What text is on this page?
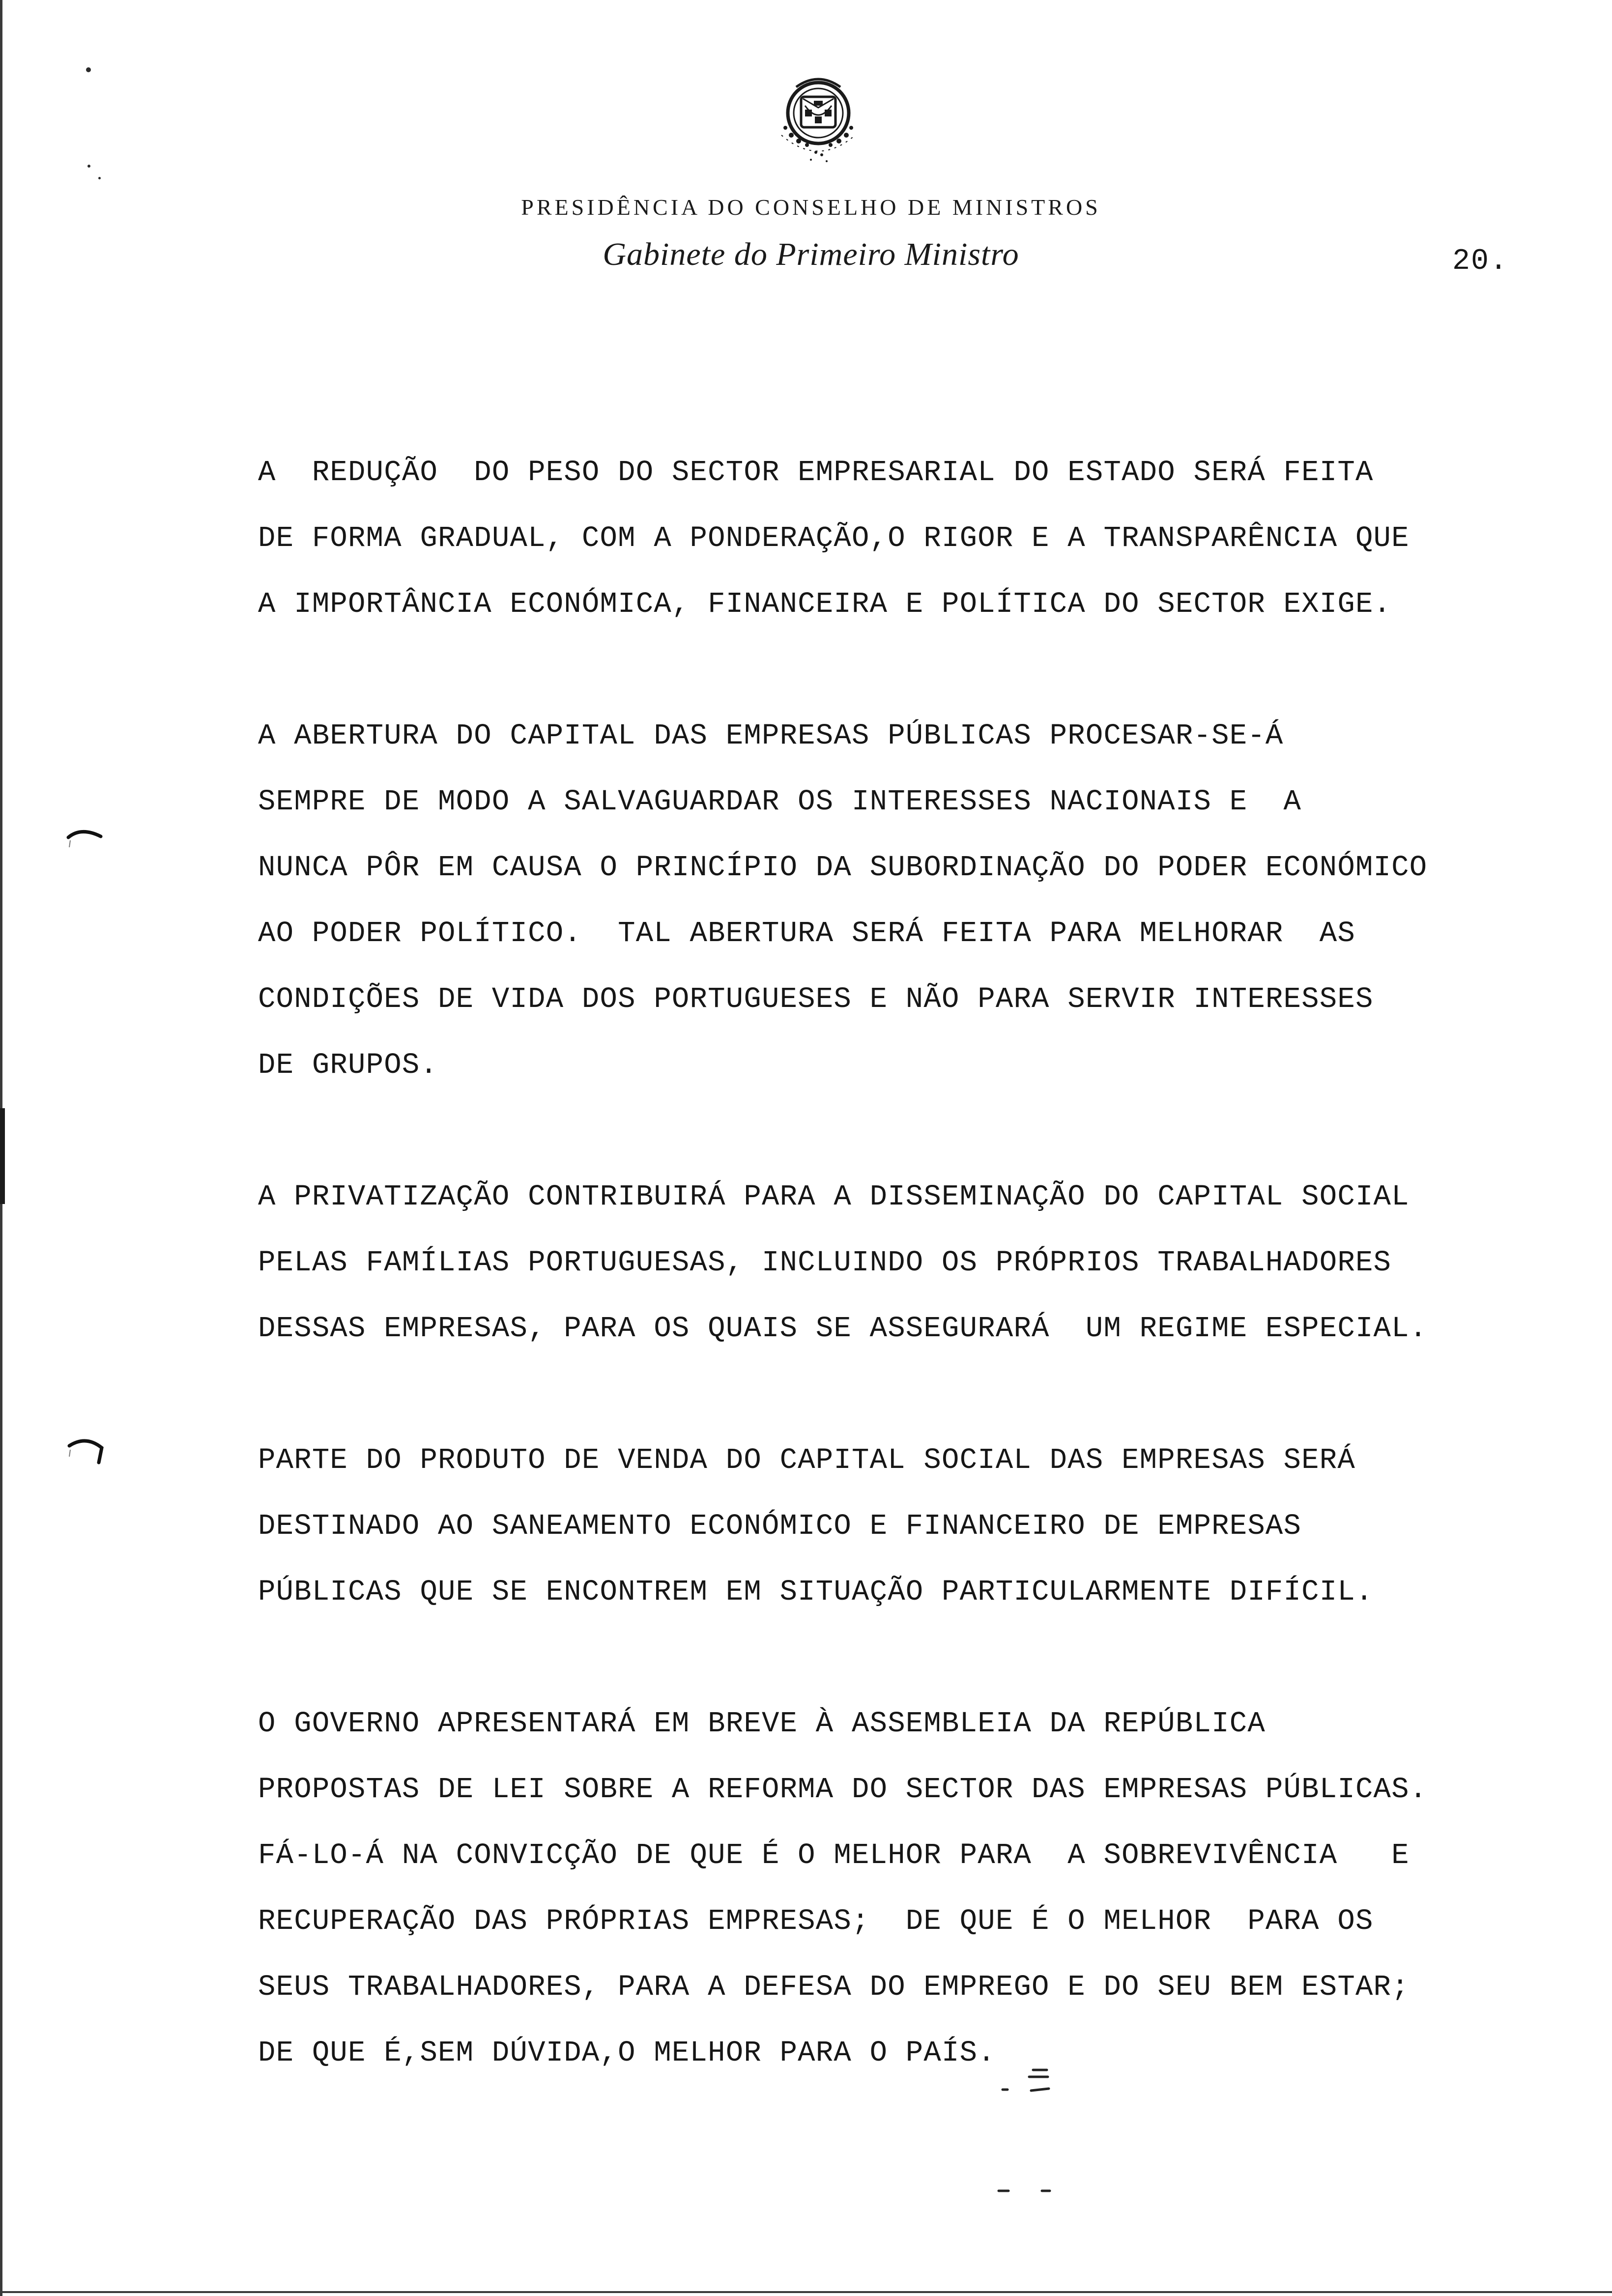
PRESIDÊNCIA DO CONSELHO DE MINISTROS
Gabinete do Primeiro Ministro	20.
A  REDUÇÃO  DO PESO DO SECTOR EMPRESARIAL DO ESTADO SERÁ FEITA
DE FORMA GRADUAL, COM A PONDERAÇÃO,O RIGOR E A TRANSPARÊNCIA QUE
A IMPORTÂNCIA ECONÓMICA, FINANCEIRA E POLÍTICA DO SECTOR EXIGE.
A ABERTURA DO CAPITAL DAS EMPRESAS PÚBLICAS PROCESAR-SE-Á
SEMPRE DE MODO A SALVAGUARDAR OS INTERESSES NACIONAIS E  A
NUNCA PÔR EM CAUSA O PRINCÍPIO DA SUBORDINAÇÃO DO PODER ECONÓMICO
AO PODER POLÍTICO.  TAL ABERTURA SERÁ FEITA PARA MELHORAR  AS
CONDIÇÕES DE VIDA DOS PORTUGUESES E NÃO PARA SERVIR INTERESSES
DE GRUPOS.
A PRIVATIZAÇÃO CONTRIBUIRÁ PARA A DISSEMINAÇÃO DO CAPITAL SOCIAL
PELAS FAMÍLIAS PORTUGUESAS, INCLUINDO OS PRÓPRIOS TRABALHADORES
DESSAS EMPRESAS, PARA OS QUAIS SE ASSEGURARÁ  UM REGIME ESPECIAL.
PARTE DO PRODUTO DE VENDA DO CAPITAL SOCIAL DAS EMPRESAS SERÁ
DESTINADO AO SANEAMENTO ECONÓMICO E FINANCEIRO DE EMPRESAS
PÚBLICAS QUE SE ENCONTREM EM SITUAÇÃO PARTICULARMENTE DIFÍCIL.
O GOVERNO APRESENTARÁ EM BREVE À ASSEMBLEIA DA REPÚBLICA
PROPOSTAS DE LEI SOBRE A REFORMA DO SECTOR DAS EMPRESAS PÚBLICAS.
FÁ-LO-Á NA CONVICÇÃO DE QUE É O MELHOR PARA  A SOBREVIVÊNCIA   E
RECUPERAÇÃO DAS PRÓPRIAS EMPRESAS;  DE QUE É O MELHOR  PARA OS
SEUS TRABALHADORES, PARA A DEFESA DO EMPREGO E DO SEU BEM ESTAR;
DE QUE É,SEM DÚVIDA,O MELHOR PARA O PAÍS.
